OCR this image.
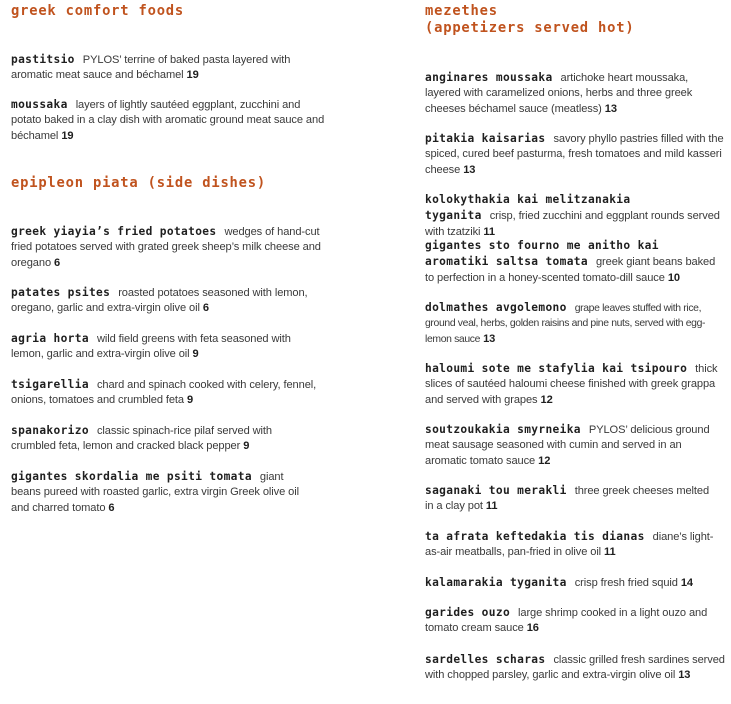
greek comfort foods
pastitsio PYLOS’ terrine of baked pasta layered with aromatic meat sauce and béchamel 19
moussaka layers of lightly sautéed eggplant, zucchini and potato baked in a clay dish with aromatic ground meat sauce and béchamel 19
epipleon piata (side dishes)
greek yiayia’s fried potatoes wedges of hand-cut fried potatoes served with grated greek sheep’s milk cheese and oregano 6
patates psites roasted potatoes seasoned with lemon, oregano, garlic and extra-virgin olive oil 6
agria horta wild field greens with feta seasoned with lemon, garlic and extra-virgin olive oil 9
tsigarellia chard and spinach cooked with celery, fennel, onions, tomatoes and crumbled feta 9
spanakorizo classic spinach-rice pilaf served with crumbled feta, lemon and cracked black pepper 9
gigantes skordalia me psiti tomata giant beans pureed with roasted garlic, extra virgin Greek olive oil and charred tomato 6
mezethes
(appetizers served hot)
anginares moussaka artichoke heart moussaka, layered with caramelized onions, herbs and three greek cheeses béchamel sauce (meatless) 13
pitakia kaisarias savory phyllo pastries filled with the spiced, cured beef pasturma, fresh tomatoes and mild kasseri cheese 13
kolokythakia kai melitzanakia tyganita crisp, fried zucchini and eggplant rounds served with tzatziki 11
gigantes sto fourno me anitho kai aromatiki saltsa tomata greek giant beans baked to perfection in a honey-scented tomato-dill sauce 10
dolmathes avgolemono grape leaves stuffed with rice, ground veal, herbs, golden raisins and pine nuts, served with egg-lemon sauce 13
haloumi sote me stafylia kai tsipouro thick slices of sautéed haloumi cheese finished with greek grappa and served with grapes 12
soutzoukakia smyrneika PYLOS’ delicious ground meat sausage seasoned with cumin and served in an aromatic tomato sauce 12
saganaki tou merakli three greek cheeses melted in a clay pot 11
ta afrata keftedakia tis dianas diane’s light-as-air meatballs, pan-fried in olive oil 11
kalamarakia tyganita crisp fresh fried squid 14
garides ouzo large shrimp cooked in a light ouzo and tomato cream sauce 16
sardelles scharas classic grilled fresh sardines served with chopped parsley, garlic and extra-virgin olive oil 13
